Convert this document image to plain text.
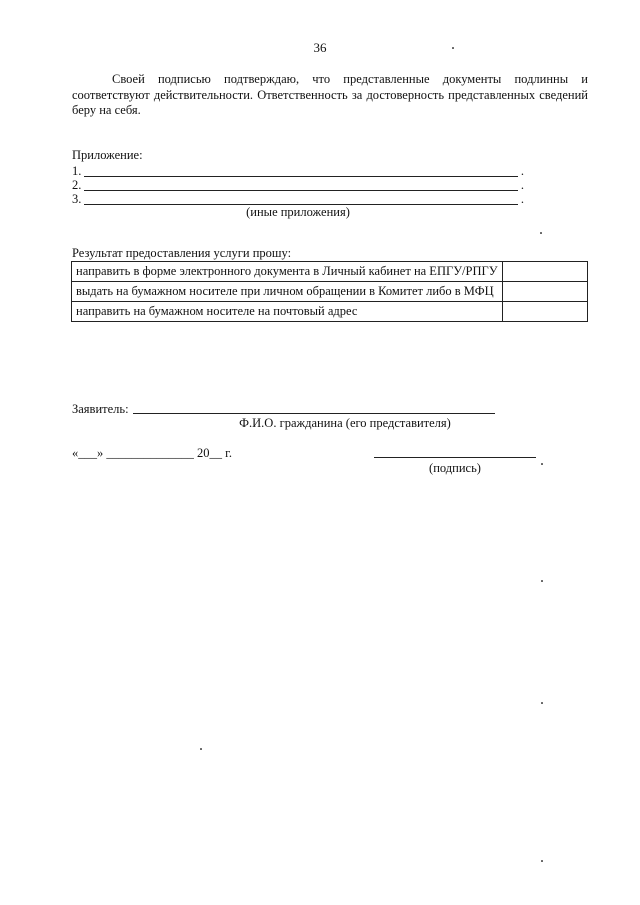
36
Своей подписью подтверждаю, что представленные документы подлинны и соответствуют действительности. Ответственность за достоверность представленных сведений беру на себя.
Приложение:
1.	.
2.	.
3.	.
(иные приложения)
Результат предоставления услуги прошу:
направить в форме электронного документа в Личный кабинет на ЕПГУ/РПГУ	
выдать на бумажном носителе при личном обращении в Комитет либо в МФЦ	
направить на бумажном носителе на почтовый адрес	
Заявитель:
Ф.И.О. гражданина (его представителя)
«___» ______________ 20__ г.
(подпись)
